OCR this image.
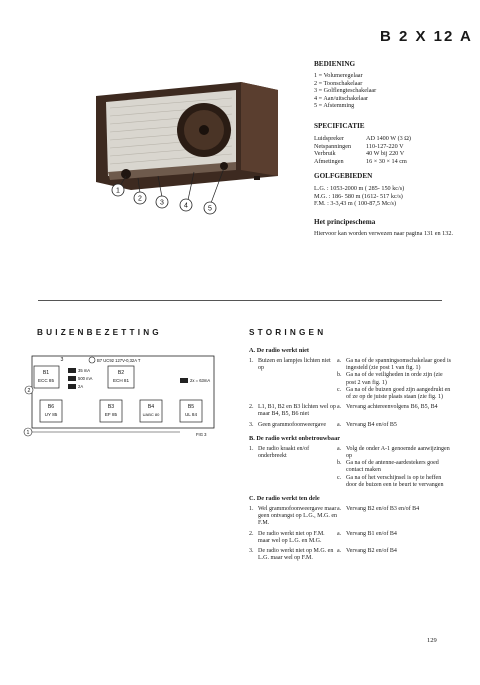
B 2 X 12 A
1
2
3	4	5
BEDIENING
1 = Volumeregelaar
2 = Toonschakelaar
3 = Golflengteschakelaar
4 = Aan/uitschakelaar
5 = Afstemming
SPECIFICATIE
Luidspreker	AD 1400 W (3 Ω)
Netspanningen	110-127-220 V
Verbruik	40 W bij 220 V
Afmetingen	16 × 30 × 14 cm
GOLFGEBIEDEN
L.G. : 1053-2000 m ( 285- 150 kc/s)
M.G. : 186- 580 m (1612- 517 kc/s)
F.M. : 3-3,43 m ( 100-87,5 Mc/s)
Het principeschema
Hiervoor kan worden verwezen naar pagina 131 en 132.
BUIZENBEZETTING
B1
ECC 85
B2
ECH 81
B6
UY 85
B3
EF 85
B4
UABC 80
B5
UL 84
2
1
3	B7 UC92 127V-0,32A T
35 mA
500 mA
2A
2x = 63mA
FIG 3
STORINGEN
A. De radio werkt niet
1. Buizen en lampjes lichten niet op
a. Ga na of de spanningsomschakelaar goed is ingesteld (zie post 1 van fig. 1)
b. Ga na of de veiligheden in orde zijn (zie post 2 van fig. 1)
c. Ga na of de buizen goed zijn aangedrukt en of ze op de juiste plaats staan (zie fig. 1)
2. L1, B1, B2 en B3 lichten wel op maar B4, B5, B6 niet
a. Vervang achtereenvolgens B6, B5, B4
3. Geen grammofoonweergave a. Vervang B4 en/of B5
B. De radio werkt onbetrouwbaar
1. De radio kraakt en/of onderbreekt
a. Volg de onder A-1 genoemde aanwijzingen op
b. Ga na of de antenne-aardestekers goed contact maken
c. Ga na of het verschijnsel is op te heffen door de buizen een te beurt te vervangen
C. De radio werkt ten dele
1. Wel grammofoonweergave maar geen ontvangst op L.G., M.G. en F.M.
a. Vervang B2 en/of B3 en/of B4
2. De radio werkt niet op F.M. maar wel op L.G. en M.G.
a. Vervang B1 en/of B4
3. De radio werkt niet op M.G. en L.G. maar wel op F.M.
a. Vervang B2 en/of B4
129
